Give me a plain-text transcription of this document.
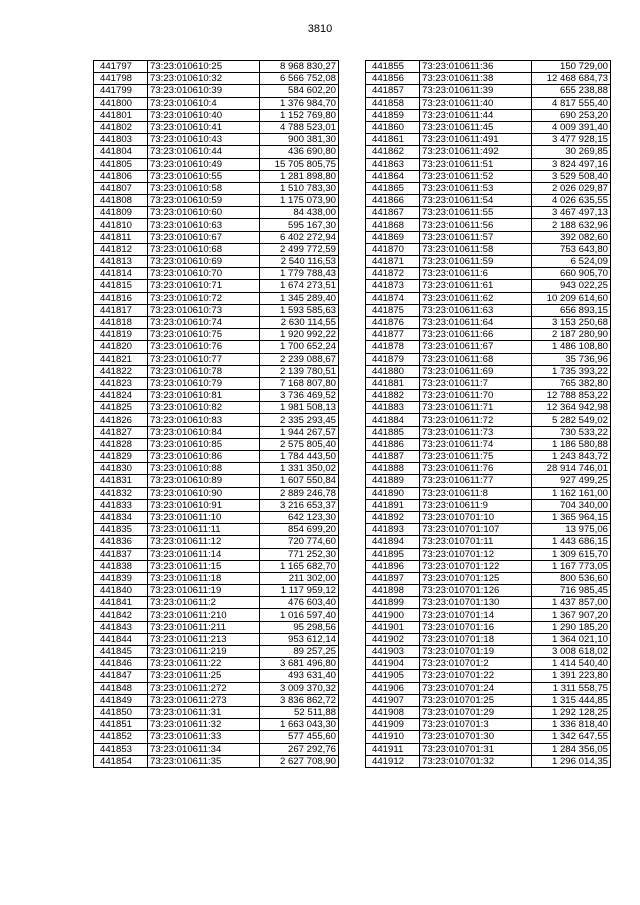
3810
441797	73:23:010610:25	8 968 830,27
441798	73:23:010610:32	6 566 752,08
441799	73:23:010610:39	584 602,20
441800	73:23:010610:4	1 376 984,70
441801	73:23:010610:40	1 152 769,80
441802	73:23:010610:41	4 788 523,01
441803	73:23:010610:43	900 381,30
441804	73:23:010610:44	436 690,80
441805	73:23:010610:49	15 705 805,75
441806	73:23:010610:55	1 281 898,80
441807	73:23:010610:58	1 510 783,30
441808	73:23:010610:59	1 175 073,90
441809	73:23:010610:60	84 438,00
441810	73:23:010610:63	595 167,30
441811	73:23:010610:67	6 402 272,94
441812	73:23:010610:68	2 499 772,59
441813	73:23:010610:69	2 540 116,53
441814	73:23:010610:70	1 779 788,43
441815	73:23:010610:71	1 674 273,51
441816	73:23:010610:72	1 345 289,40
441817	73:23:010610:73	1 593 585,63
441818	73:23:010610:74	2 630 114,55
441819	73:23:010610:75	1 920 992,22
441820	73:23:010610:76	1 700 652,24
441821	73:23:010610:77	2 239 088,67
441822	73:23:010610:78	2 139 780,51
441823	73:23:010610:79	7 168 807,80
441824	73:23:010610:81	3 736 469,52
441825	73:23:010610:82	1 981 508,13
441826	73:23:010610:83	2 335 293,45
441827	73:23:010610:84	1 944 267,57
441828	73:23:010610:85	2 575 805,40
441829	73:23:010610:86	1 784 443,50
441830	73:23:010610:88	1 331 350,02
441831	73:23:010610:89	1 607 550,84
441832	73:23:010610:90	2 889 246,78
441833	73:23:010610:91	3 216 653,37
441834	73:23:010611:10	642 123,30
441835	73:23:010611:11	854 699,20
441836	73:23:010611:12	720 774,60
441837	73:23:010611:14	771 252,30
441838	73:23:010611:15	1 165 682,70
441839	73:23:010611:18	211 302,00
441840	73:23:010611:19	1 117 959,12
441841	73:23:010611:2	476 603,40
441842	73:23:010611:210	1 016 597,40
441843	73:23:010611:211	95 298,56
441844	73:23:010611:213	953 612,14
441845	73:23:010611:219	89 257,25
441846	73:23:010611:22	3 681 496,80
441847	73:23:010611:25	493 631,40
441848	73:23:010611:272	3 009 370,32
441849	73:23:010611:273	3 836 862,72
441850	73:23:010611:31	52 511,88
441851	73:23:010611:32	1 663 043,30
441852	73:23:010611:33	577 455,60
441853	73:23:010611:34	267 292,76
441854	73:23:010611:35	2 627 708,90
441855	73:23:010611:36	150 729,00
441856	73:23:010611:38	12 468 684,73
441857	73:23:010611:39	655 238,88
441858	73:23:010611:40	4 817 555,40
441859	73:23:010611:44	690 253,20
441860	73:23:010611:45	4 009 391,40
441861	73:23:010611:491	3 477 928,15
441862	73:23:010611:492	30 269,85
441863	73:23:010611:51	3 824 497,16
441864	73:23:010611:52	3 529 508,40
441865	73:23:010611:53	2 026 029,87
441866	73:23:010611:54	4 026 635,55
441867	73:23:010611:55	3 467 497,13
441868	73:23:010611:56	2 188 632,96
441869	73:23:010611:57	392 082,60
441870	73:23:010611:58	753 643,80
441871	73:23:010611:59	6 524,09
441872	73:23:010611:6	660 905,70
441873	73:23:010611:61	943 022,25
441874	73:23:010611:62	10 209 614,60
441875	73:23:010611:63	656 893,15
441876	73:23:010611:64	3 153 250,68
441877	73:23:010611:66	2 187 280,90
441878	73:23:010611:67	1 486 108,80
441879	73:23:010611:68	35 736,96
441880	73:23:010611:69	1 735 393,22
441881	73:23:010611:7	765 382,80
441882	73:23:010611:70	12 788 853,22
441883	73:23:010611:71	12 364 942,98
441884	73:23:010611:72	5 282 549,02
441885	73:23:010611:73	730 533,22
441886	73:23:010611:74	1 186 580,88
441887	73:23:010611:75	1 243 843,72
441888	73:23:010611:76	28 914 746,01
441889	73:23:010611:77	927 499,25
441890	73:23:010611:8	1 162 161,00
441891	73:23:010611:9	704 340,00
441892	73:23:010701:10	1 365 964,15
441893	73:23:010701:107	13 975,06
441894	73:23:010701:11	1 443 686,15
441895	73:23:010701:12	1 309 615,70
441896	73:23:010701:122	1 167 773,05
441897	73:23:010701:125	800 536,60
441898	73:23:010701:126	716 985,45
441899	73:23:010701:130	1 437 857,00
441900	73:23:010701:14	1 367 907,20
441901	73:23:010701:16	1 290 185,20
441902	73:23:010701:18	1 364 021,10
441903	73:23:010701:19	3 008 618,02
441904	73:23:010701:2	1 414 540,40
441905	73:23:010701:22	1 391 223,80
441906	73:23:010701:24	1 311 558,75
441907	73:23:010701:25	1 315 444,85
441908	73:23:010701:29	1 292 128,25
441909	73:23:010701:3	1 336 818,40
441910	73:23:010701:30	1 342 647,55
441911	73:23:010701:31	1 284 356,05
441912	73:23:010701:32	1 296 014,35
